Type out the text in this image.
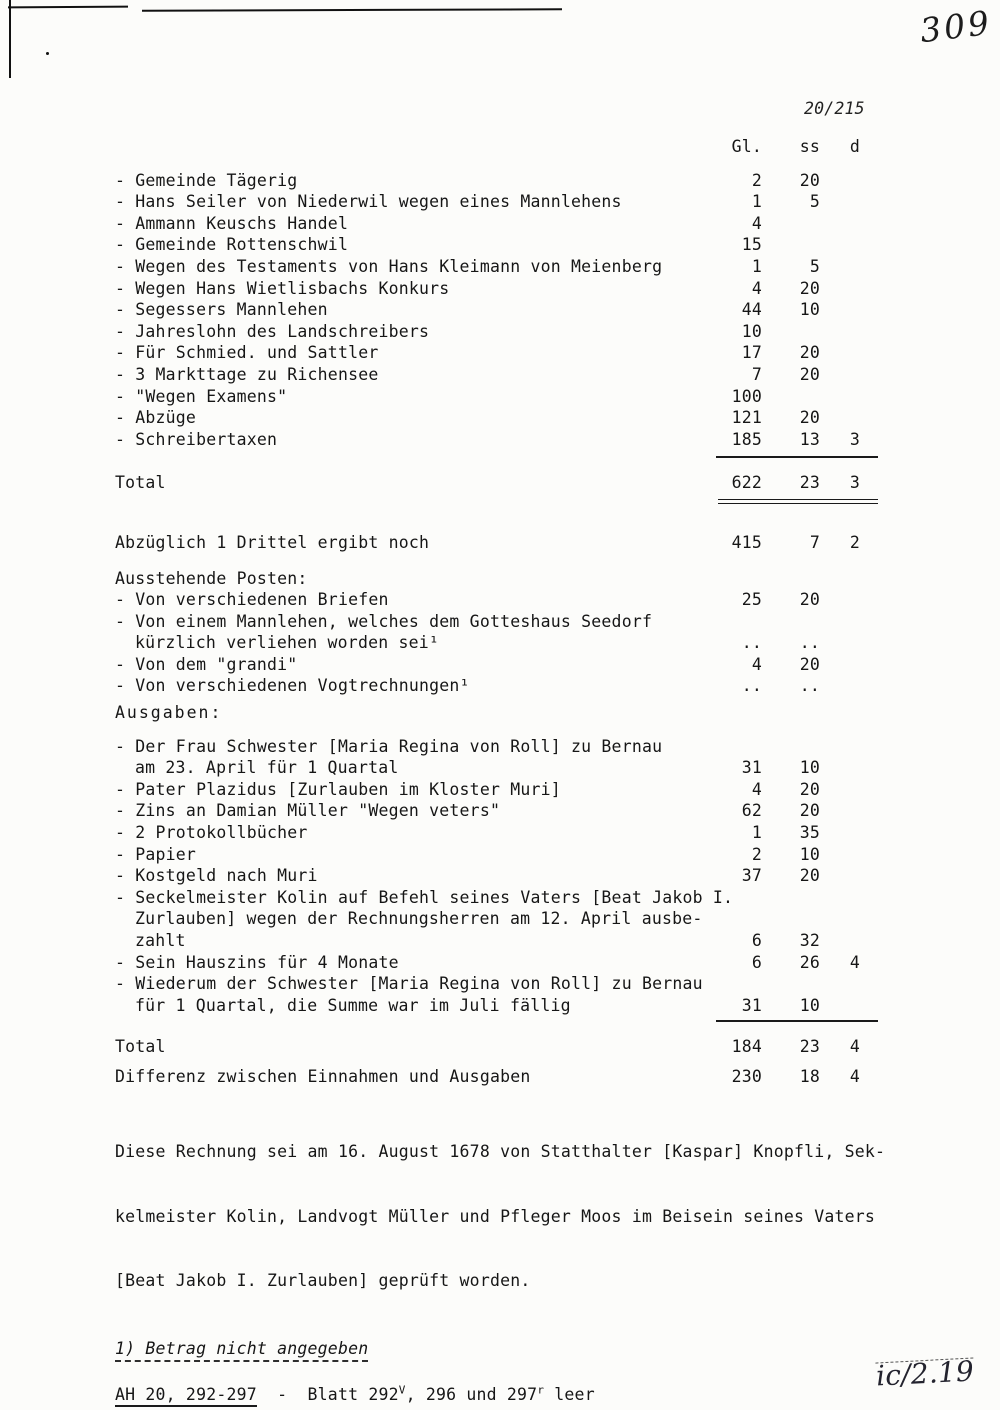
309
20/215
ic/2.19
Gl.	ss	d
- Gemeinde Tägerig	2	20
- Hans Seiler von Niederwil wegen eines Mannlehens	1	5
- Ammann Keuschs Handel	4
- Gemeinde Rottenschwil	15
- Wegen des Testaments von Hans Kleimann von Meienberg	1	5
- Wegen Hans Wietlisbachs Konkurs	4	20
- Segessers Mannlehen	44	10
- Jahreslohn des Landschreibers	10
- Für Schmied. und Sattler	17	20
- 3 Markttage zu Richensee	7	20
- "Wegen Examens"	100
- Abzüge	121	20
- Schreibertaxen	185	13	3
Total	622	23	3
Abzüglich 1 Drittel ergibt noch	415	7	2
Ausstehende Posten:
- Von verschiedenen Briefen	25	20
- Von einem Mannlehen, welches dem Gotteshaus Seedorf
kürzlich verliehen worden sei¹	..	..
- Von dem "grandi"	4	20
- Von verschiedenen Vogtrechnungen¹	..	..
Ausgaben:
- Der Frau Schwester [Maria Regina von Roll] zu Bernau
am 23. April für 1 Quartal	31	10
- Pater Plazidus [Zurlauben im Kloster Muri]	4	20
- Zins an Damian Müller "Wegen veters"	62	20
- 2 Protokollbücher	1	35
- Papier	2	10
- Kostgeld nach Muri	37	20
- Seckelmeister Kolin auf Befehl seines Vaters [Beat Jakob I.
Zurlauben] wegen der Rechnungsherren am 12. April ausbe-
zahlt	6	32
- Sein Hauszins für 4 Monate	6	26	4
- Wiederum der Schwester [Maria Regina von Roll] zu Bernau
für 1 Quartal, die Summe war im Juli fällig	31	10
Total	184	23	4
Differenz zwischen Einnahmen und Ausgaben	230	18	4

Diese Rechnung sei am 16. August 1678 von Statthalter [Kaspar] Knopfli, Sek-

kelmeister Kolin, Landvogt Müller und Pfleger Moos im Beisein seines Vaters

[Beat Jakob I. Zurlauben] geprüft worden.

1) Betrag nicht angegeben
AH 20, 292-297  -  Blatt $292^V$, 296 und 297$^r$ leer
